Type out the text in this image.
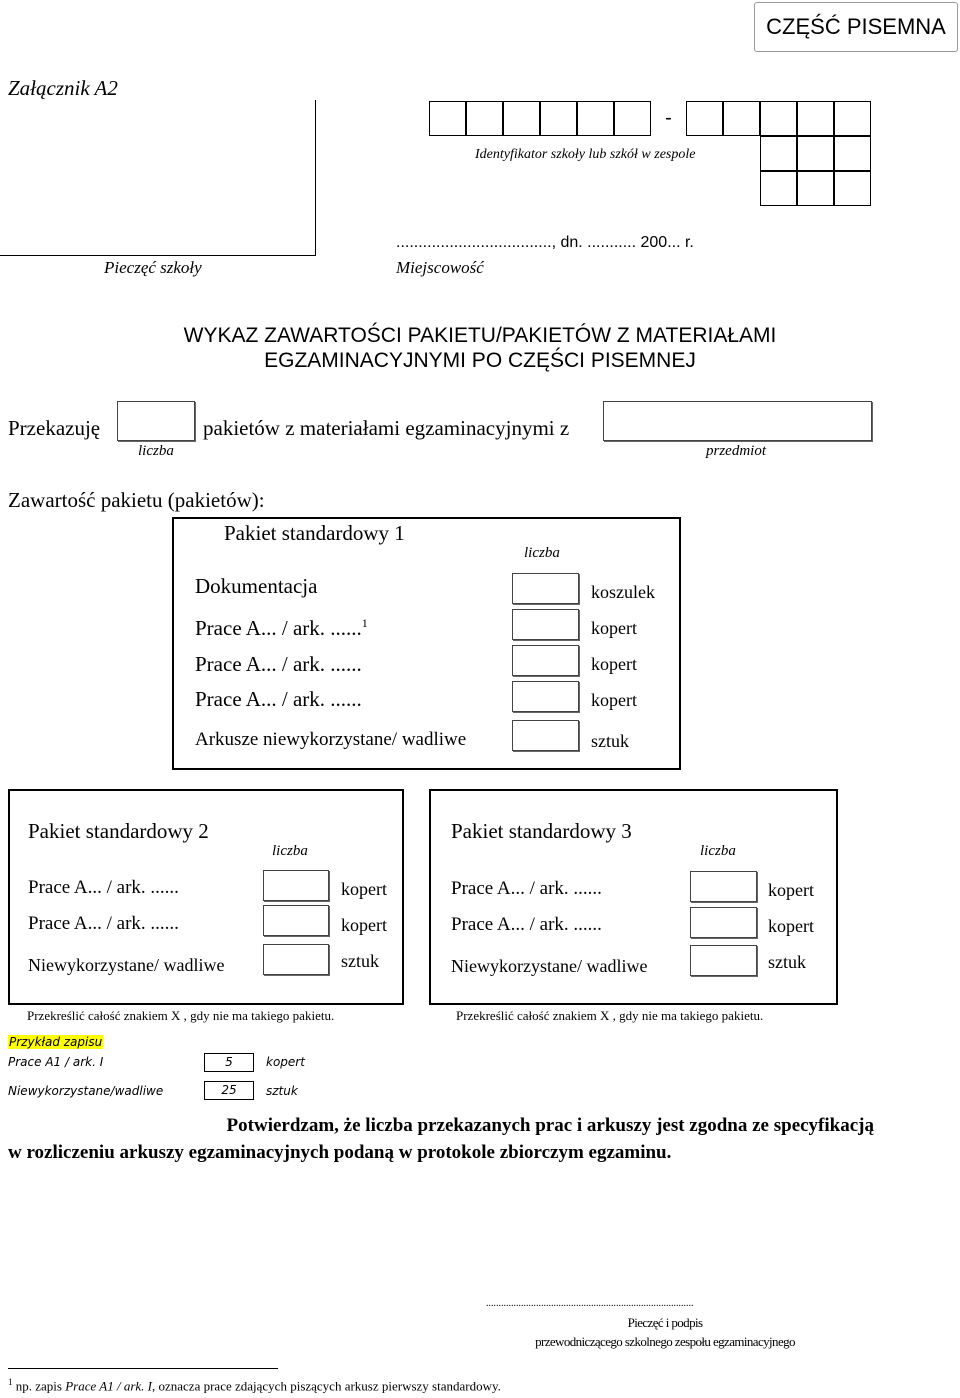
CZĘŚĆ PISEMNA
Załącznik A2
-
Identyfikator szkoły lub szkół w zespole
..................................., dn. ........... 200... r.
Pieczęć szkoły	Miejscowość
WYKAZ ZAWARTOŚCI PAKIETU/PAKIETÓW Z MATERIAŁAMI
EGZAMINACYJNYMI PO CZĘŚCI PISEMNEJ
Przekazuję
liczba
pakietów z materiałami egzaminacyjnymi z
przedmiot
Zawartość pakietu (pakietów):
Pakiet standardowy 1
liczba
Dokumentacja	koszulek
Prace A... / ark. ......$^1$	kopert
Prace A... / ark. ......	kopert
Prace A... / ark. ......	kopert
Arkusze niewykorzystane/ wadliwe	sztuk
Pakiet standardowy 2
liczba
Prace A... / ark. ......	kopert
Prace A... / ark. ......	kopert
Niewykorzystane/ wadliwe	sztuk
Przekreślić całość znakiem X , gdy nie ma takiego pakietu.
Pakiet standardowy 3
liczba
Prace A... / ark. ......	kopert
Prace A... / ark. ......	kopert
Niewykorzystane/ wadliwe	sztuk
Przekreślić całość znakiem X , gdy nie ma takiego pakietu.
Przykład zapisu
Prace A1 / ark. I	5	kopert
Niewykorzystane/wadliwe	25	sztuk
Potwierdzam, że liczba przekazanych prac i arkuszy jest zgodna ze specyfikacją
w rozliczeniu arkuszy egzaminacyjnych podaną w protokole zbiorczym egzaminu.
...................................................................................
Pieczęć i podpis
przewodniczącego szkolnego zespołu egzaminacyjnego
$^1$ np. zapis Prace A1 / ark. I, oznacza prace zdających piszących arkusz pierwszy standardowy.
